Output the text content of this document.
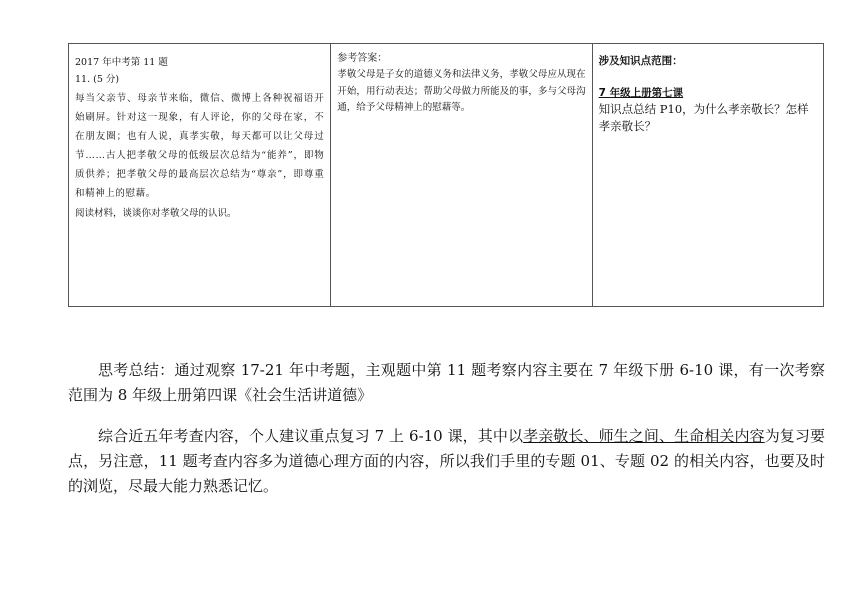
2017 年中考第 11 题
11. (5 分)
每当父亲节、母亲节来临，微信、微博上各种祝福语开始刷屏。针对这一现象，有人评论，你的父母在家，不在朋友圈；也有人说，真孝实敬，每天都可以让父母过节……古人把孝敬父母的低级层次总结为“能养”，即物质供养；把孝敬父母的最高层次总结为“尊亲”，即尊重和精神上的慰藉。
阅读材料，谈谈你对孝敬父母的认识。
参考答案：
孝敬父母是子女的道德义务和法律义务，孝敬父母应从现在开始，用行动表达；帮助父母做力所能及的事，多与父母沟通，给予父母精神上的慰藉等。
涉及知识点范围：
7 年级上册第七课
知识点总结 P10，为什么孝亲敬长？怎样孝亲敬长？
思考总结：通过观察 17-21 年中考题，主观题中第 11 题考察内容主要在 7 年级下册 6-10 课，有一次考察范围为 8 年级上册第四课《社会生活讲道德》
综合近五年考查内容，个人建议重点复习 7 上 6-10 课，其中以孝亲敬长、师生之间、生命相关内容为复习要点，另注意，11 题考查内容多为道德心理方面的内容，所以我们手里的专题 01、专题 02 的相关内容，也要及时的浏览，尽最大能力熟悉记忆。
